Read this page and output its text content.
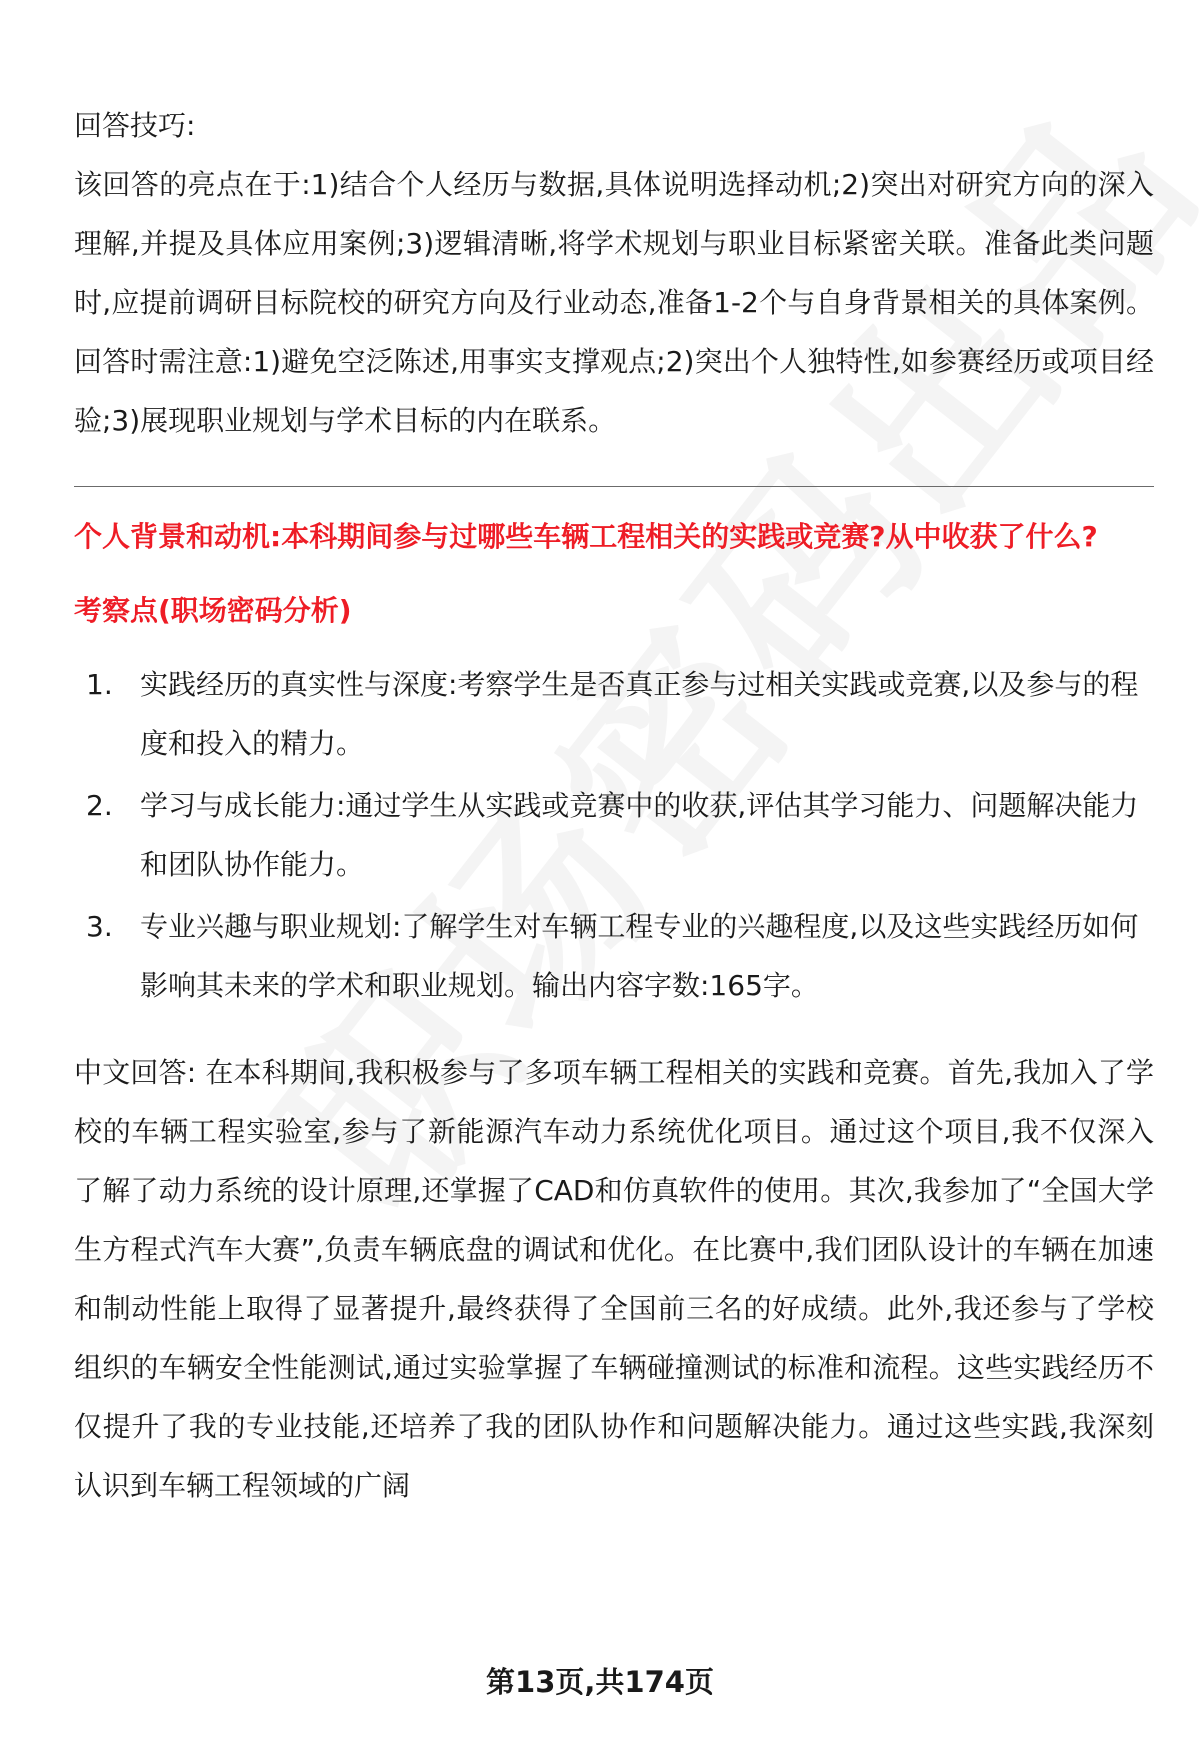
回答技巧:

该回答的亮点在于:1)结合个人经历与数据,具体说明选择动机;2)突出对研究方向的深入理解,并提及具体应用案例;3)逻辑清晰,将学术规划与职业目标紧密关联。准备此类问题时,应提前调研目标院校的研究方向及行业动态,准备1-2个与自身背景相关的具体案例。回答时需注意:1)避免空泛陈述,用事实支撑观点;2)突出个人独特性,如参赛经历或项目经验;3)展现职业规划与学术目标的内在联系。

个人背景和动机:本科期间参与过哪些车辆工程相关的实践或竞赛?从中收获了什么?

考察点(职场密码分析)

1. 实践经历的真实性与深度:考察学生是否真正参与过相关实践或竞赛,以及参与的程度和投入的精力。
2. 学习与成长能力:通过学生从实践或竞赛中的收获,评估其学习能力、问题解决能力和团队协作能力。
3. 专业兴趣与职业规划:了解学生对车辆工程专业的兴趣程度,以及这些实践经历如何影响其未来的学术和职业规划。输出内容字数:165字。

中文回答: 在本科期间,我积极参与了多项车辆工程相关的实践和竞赛。首先,我加入了学校的车辆工程实验室,参与了新能源汽车动力系统优化项目。通过这个项目,我不仅深入了解了动力系统的设计原理,还掌握了CAD和仿真软件的使用。其次,我参加了“全国大学生方程式汽车大赛”,负责车辆底盘的调试和优化。在比赛中,我们团队设计的车辆在加速和制动性能上取得了显著提升,最终获得了全国前三名的好成绩。此外,我还参与了学校组织的车辆安全性能测试,通过实验掌握了车辆碰撞测试的标准和流程。这些实践经历不仅提升了我的专业技能,还培养了我的团队协作和问题解决能力。通过这些实践,我深刻认识到车辆工程领域的广阔

第13页,共174页
